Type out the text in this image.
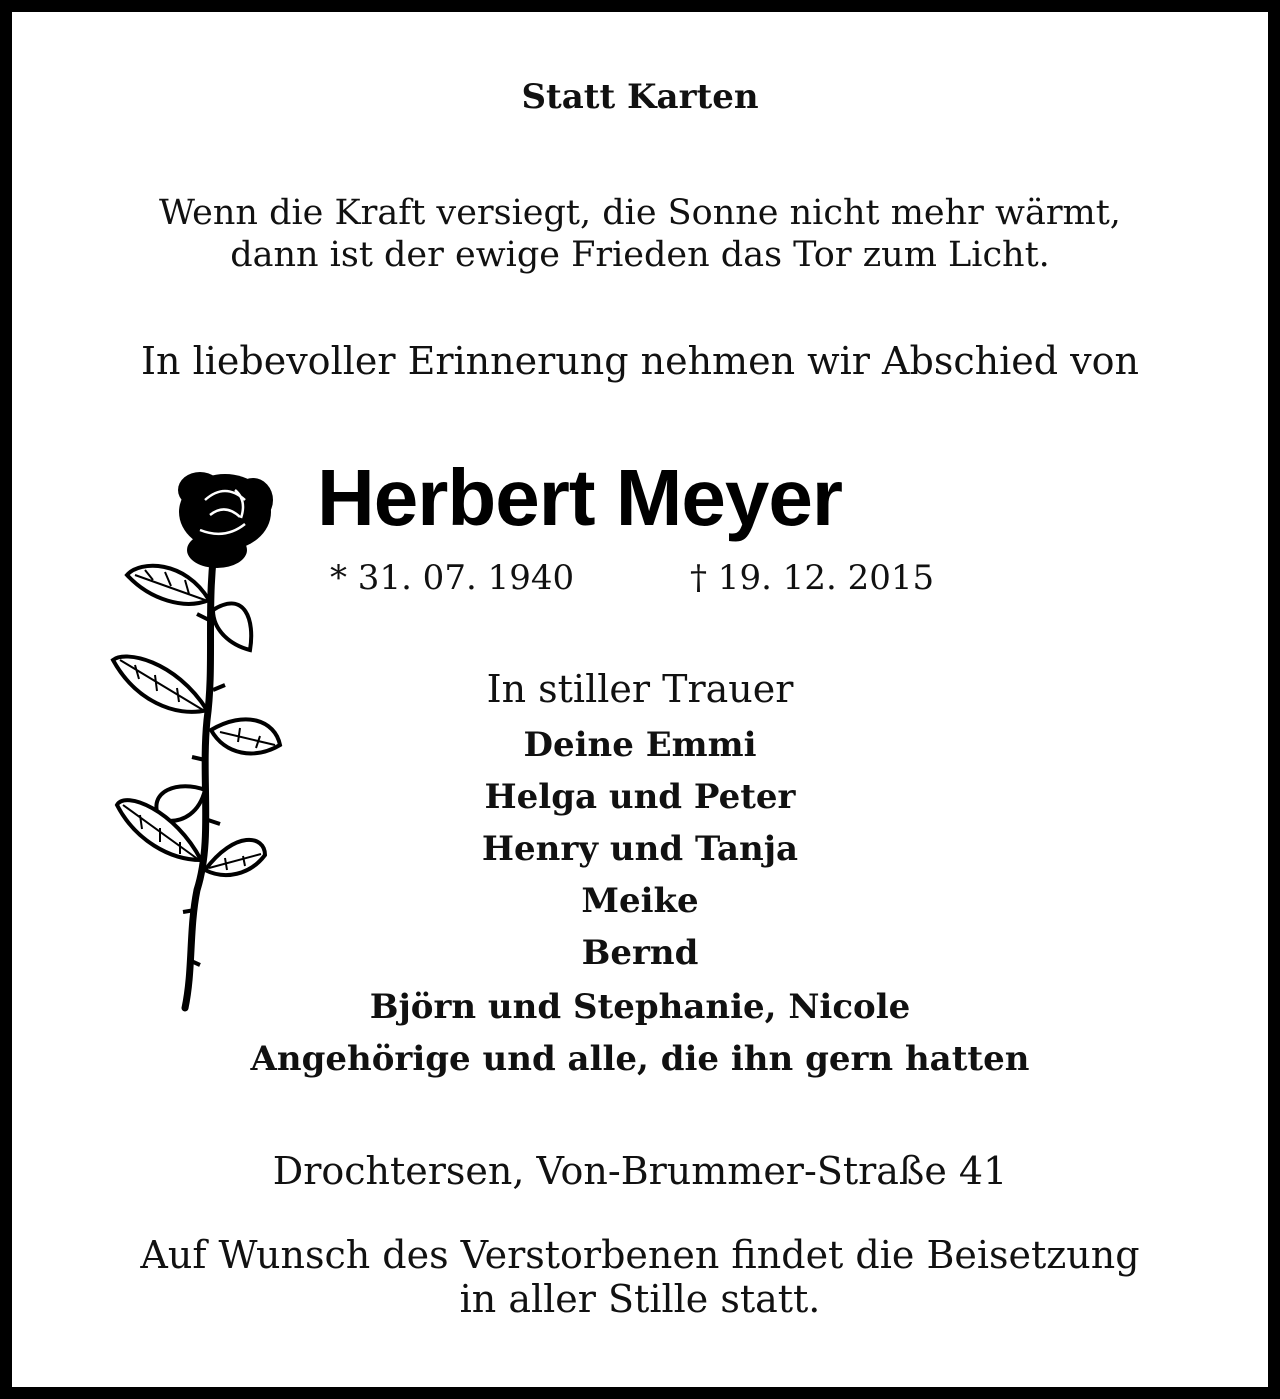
Statt Karten
Wenn die Kraft versiegt, die Sonne nicht mehr wärmt,
dann ist der ewige Frieden das Tor zum Licht.
In liebevoller Erinnerung nehmen wir Abschied von
Herbert Meyer
* 31. 07. 1940	† 19. 12. 2015
In stiller Trauer
Deine Emmi
Helga und Peter
Henry und Tanja
Meike
Bernd
Björn und Stephanie, Nicole
Angehörige und alle, die ihn gern hatten
Drochtersen, Von-Brummer-Straße 41
Auf Wunsch des Verstorbenen findet die Beisetzung
in aller Stille statt.
